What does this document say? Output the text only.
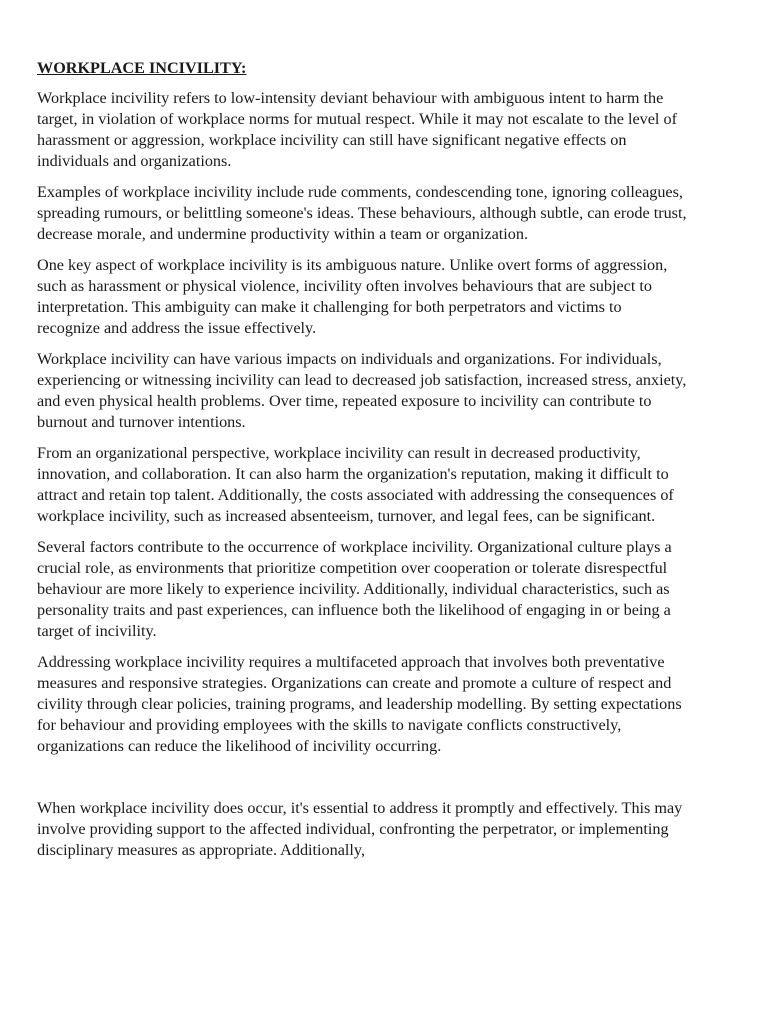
WORKPLACE INCIVILITY:

Workplace incivility refers to low-intensity deviant behaviour with ambiguous intent to harm the target, in violation of workplace norms for mutual respect. While it may not escalate to the level of harassment or aggression, workplace incivility can still have significant negative effects on individuals and organizations.

Examples of workplace incivility include rude comments, condescending tone, ignoring colleagues, spreading rumours, or belittling someone's ideas. These behaviours, although subtle, can erode trust, decrease morale, and undermine productivity within a team or organization.

One key aspect of workplace incivility is its ambiguous nature. Unlike overt forms of aggression, such as harassment or physical violence, incivility often involves behaviours that are subject to interpretation. This ambiguity can make it challenging for both perpetrators and victims to recognize and address the issue effectively.

Workplace incivility can have various impacts on individuals and organizations. For individuals, experiencing or witnessing incivility can lead to decreased job satisfaction, increased stress, anxiety, and even physical health problems. Over time, repeated exposure to incivility can contribute to burnout and turnover intentions.

From an organizational perspective, workplace incivility can result in decreased productivity, innovation, and collaboration. It can also harm the organization's reputation, making it difficult to attract and retain top talent. Additionally, the costs associated with addressing the consequences of workplace incivility, such as increased absenteeism, turnover, and legal fees, can be significant.

Several factors contribute to the occurrence of workplace incivility. Organizational culture plays a crucial role, as environments that prioritize competition over cooperation or tolerate disrespectful behaviour are more likely to experience incivility. Additionally, individual characteristics, such as personality traits and past experiences, can influence both the likelihood of engaging in or being a target of incivility.

Addressing workplace incivility requires a multifaceted approach that involves both preventative measures and responsive strategies. Organizations can create and promote a culture of respect and civility through clear policies, training programs, and leadership modelling. By setting expectations for behaviour and providing employees with the skills to navigate conflicts constructively, organizations can reduce the likelihood of incivility occurring.

When workplace incivility does occur, it's essential to address it promptly and effectively. This may involve providing support to the affected individual, confronting the perpetrator, or implementing disciplinary measures as appropriate. Additionally,
